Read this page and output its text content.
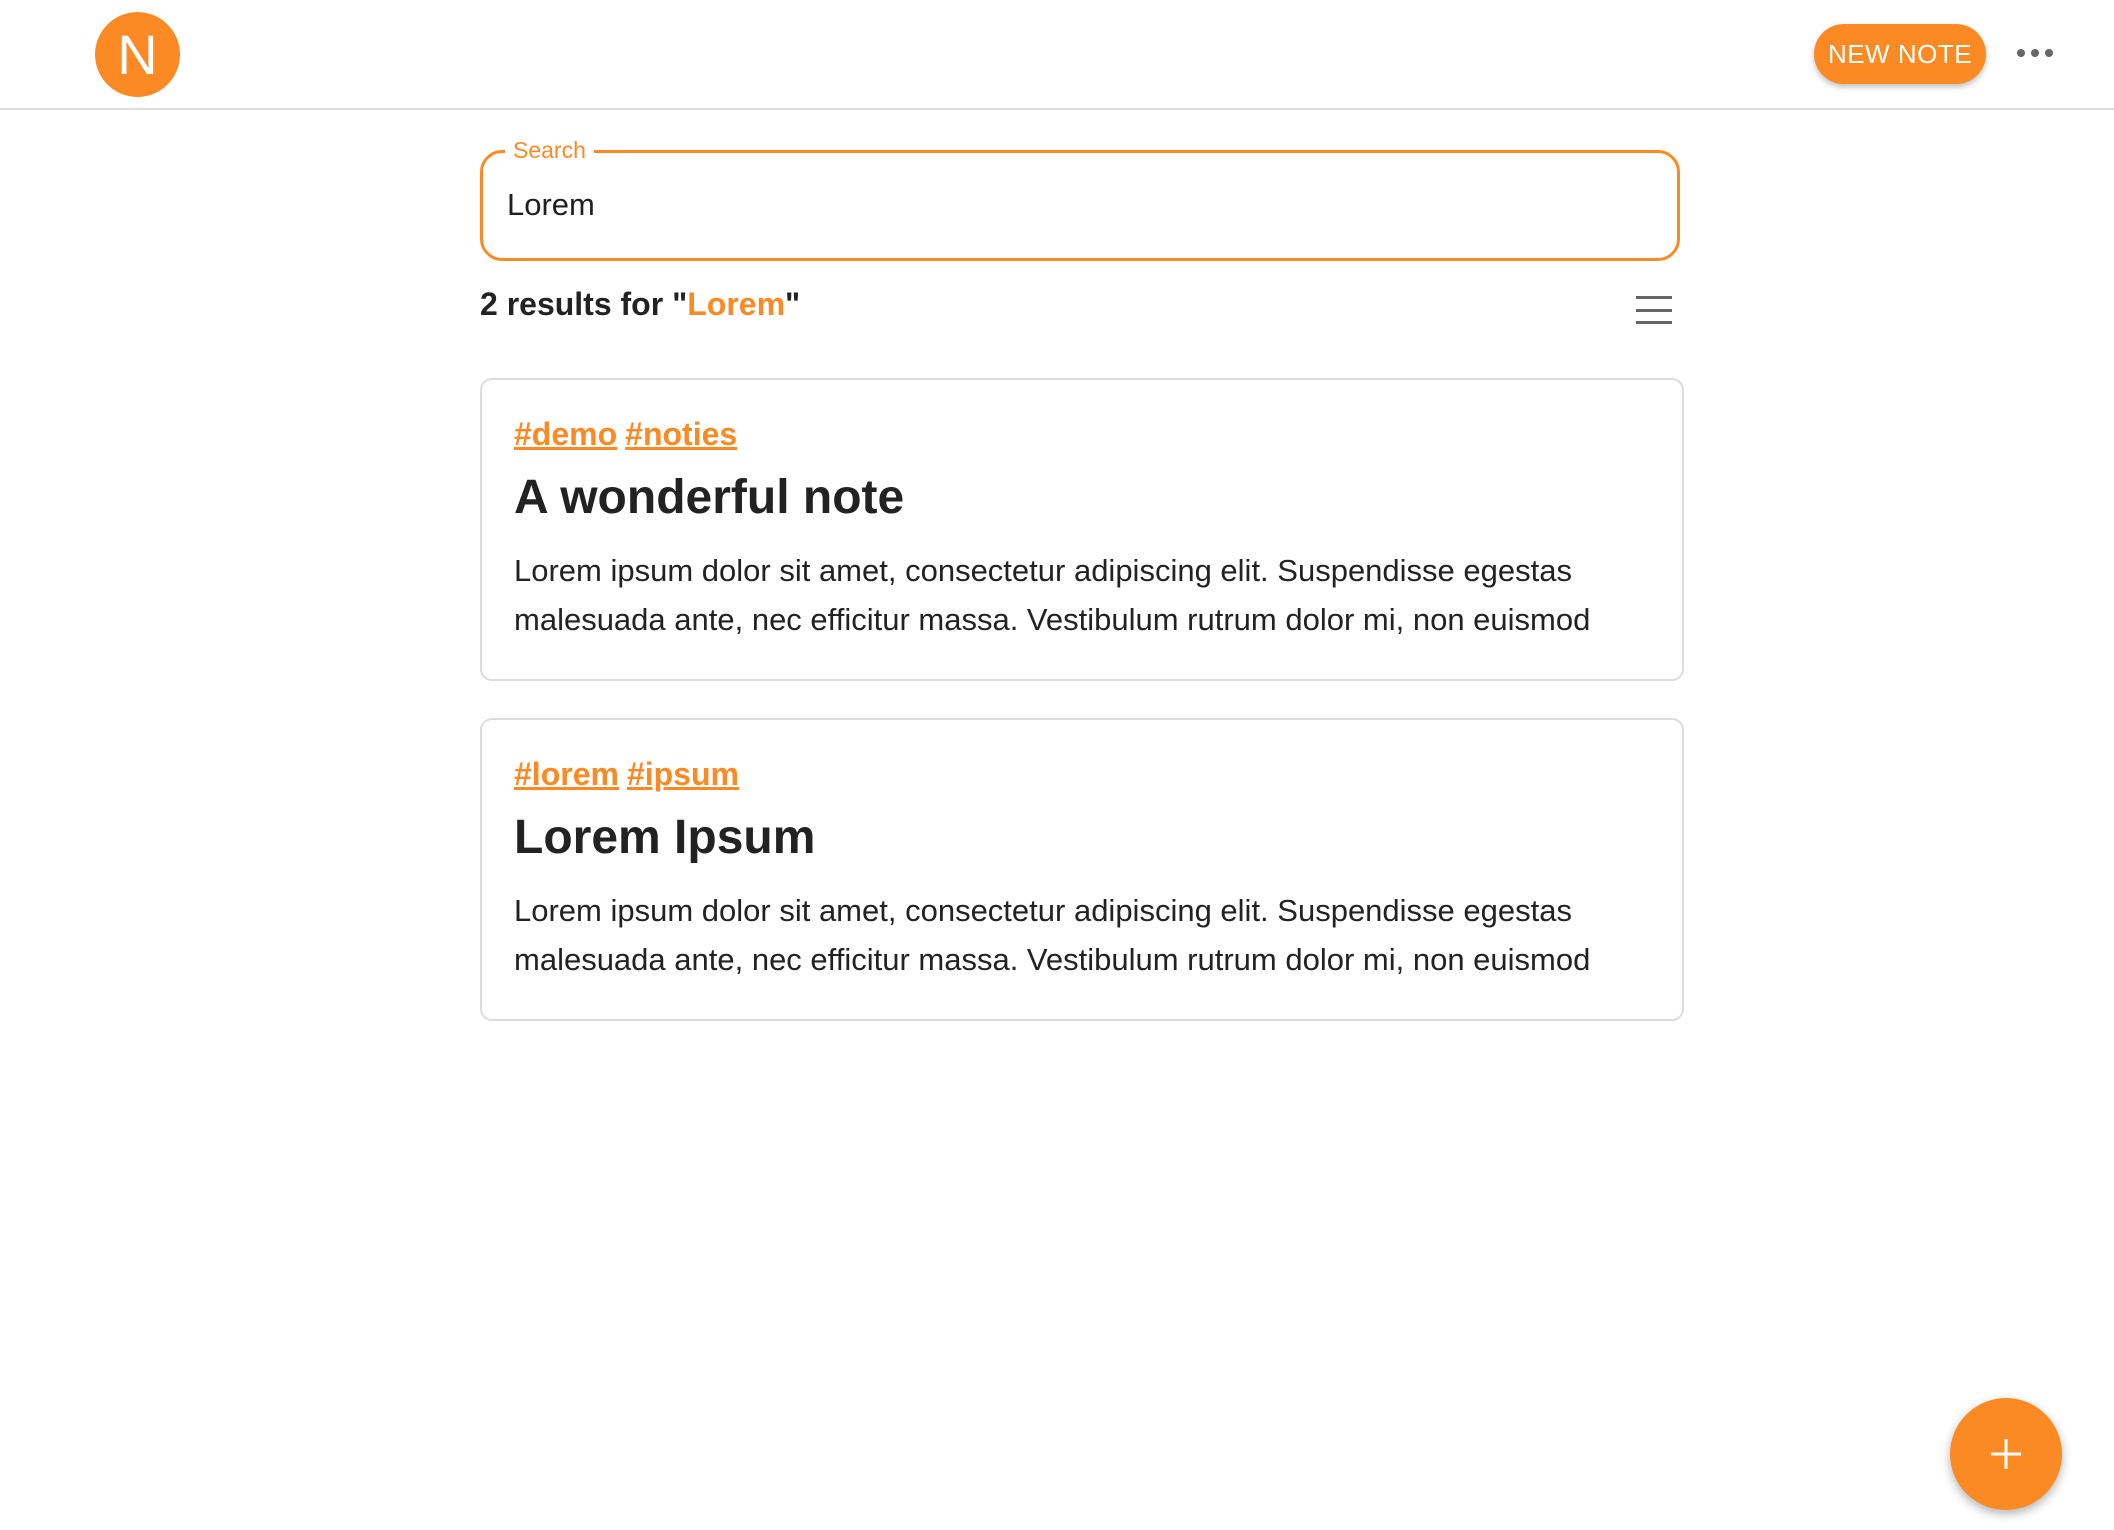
N	NEW NOTE
Search
Lorem
2 results for "Lorem"
#demo #noties
A wonderful note
Lorem ipsum dolor sit amet, consectetur adipiscing elit. Suspendisse egestas
malesuada ante, nec efficitur massa. Vestibulum rutrum dolor mi, non euismod
#lorem #ipsum
Lorem Ipsum
Lorem ipsum dolor sit amet, consectetur adipiscing elit. Suspendisse egestas
malesuada ante, nec efficitur massa. Vestibulum rutrum dolor mi, non euismod
